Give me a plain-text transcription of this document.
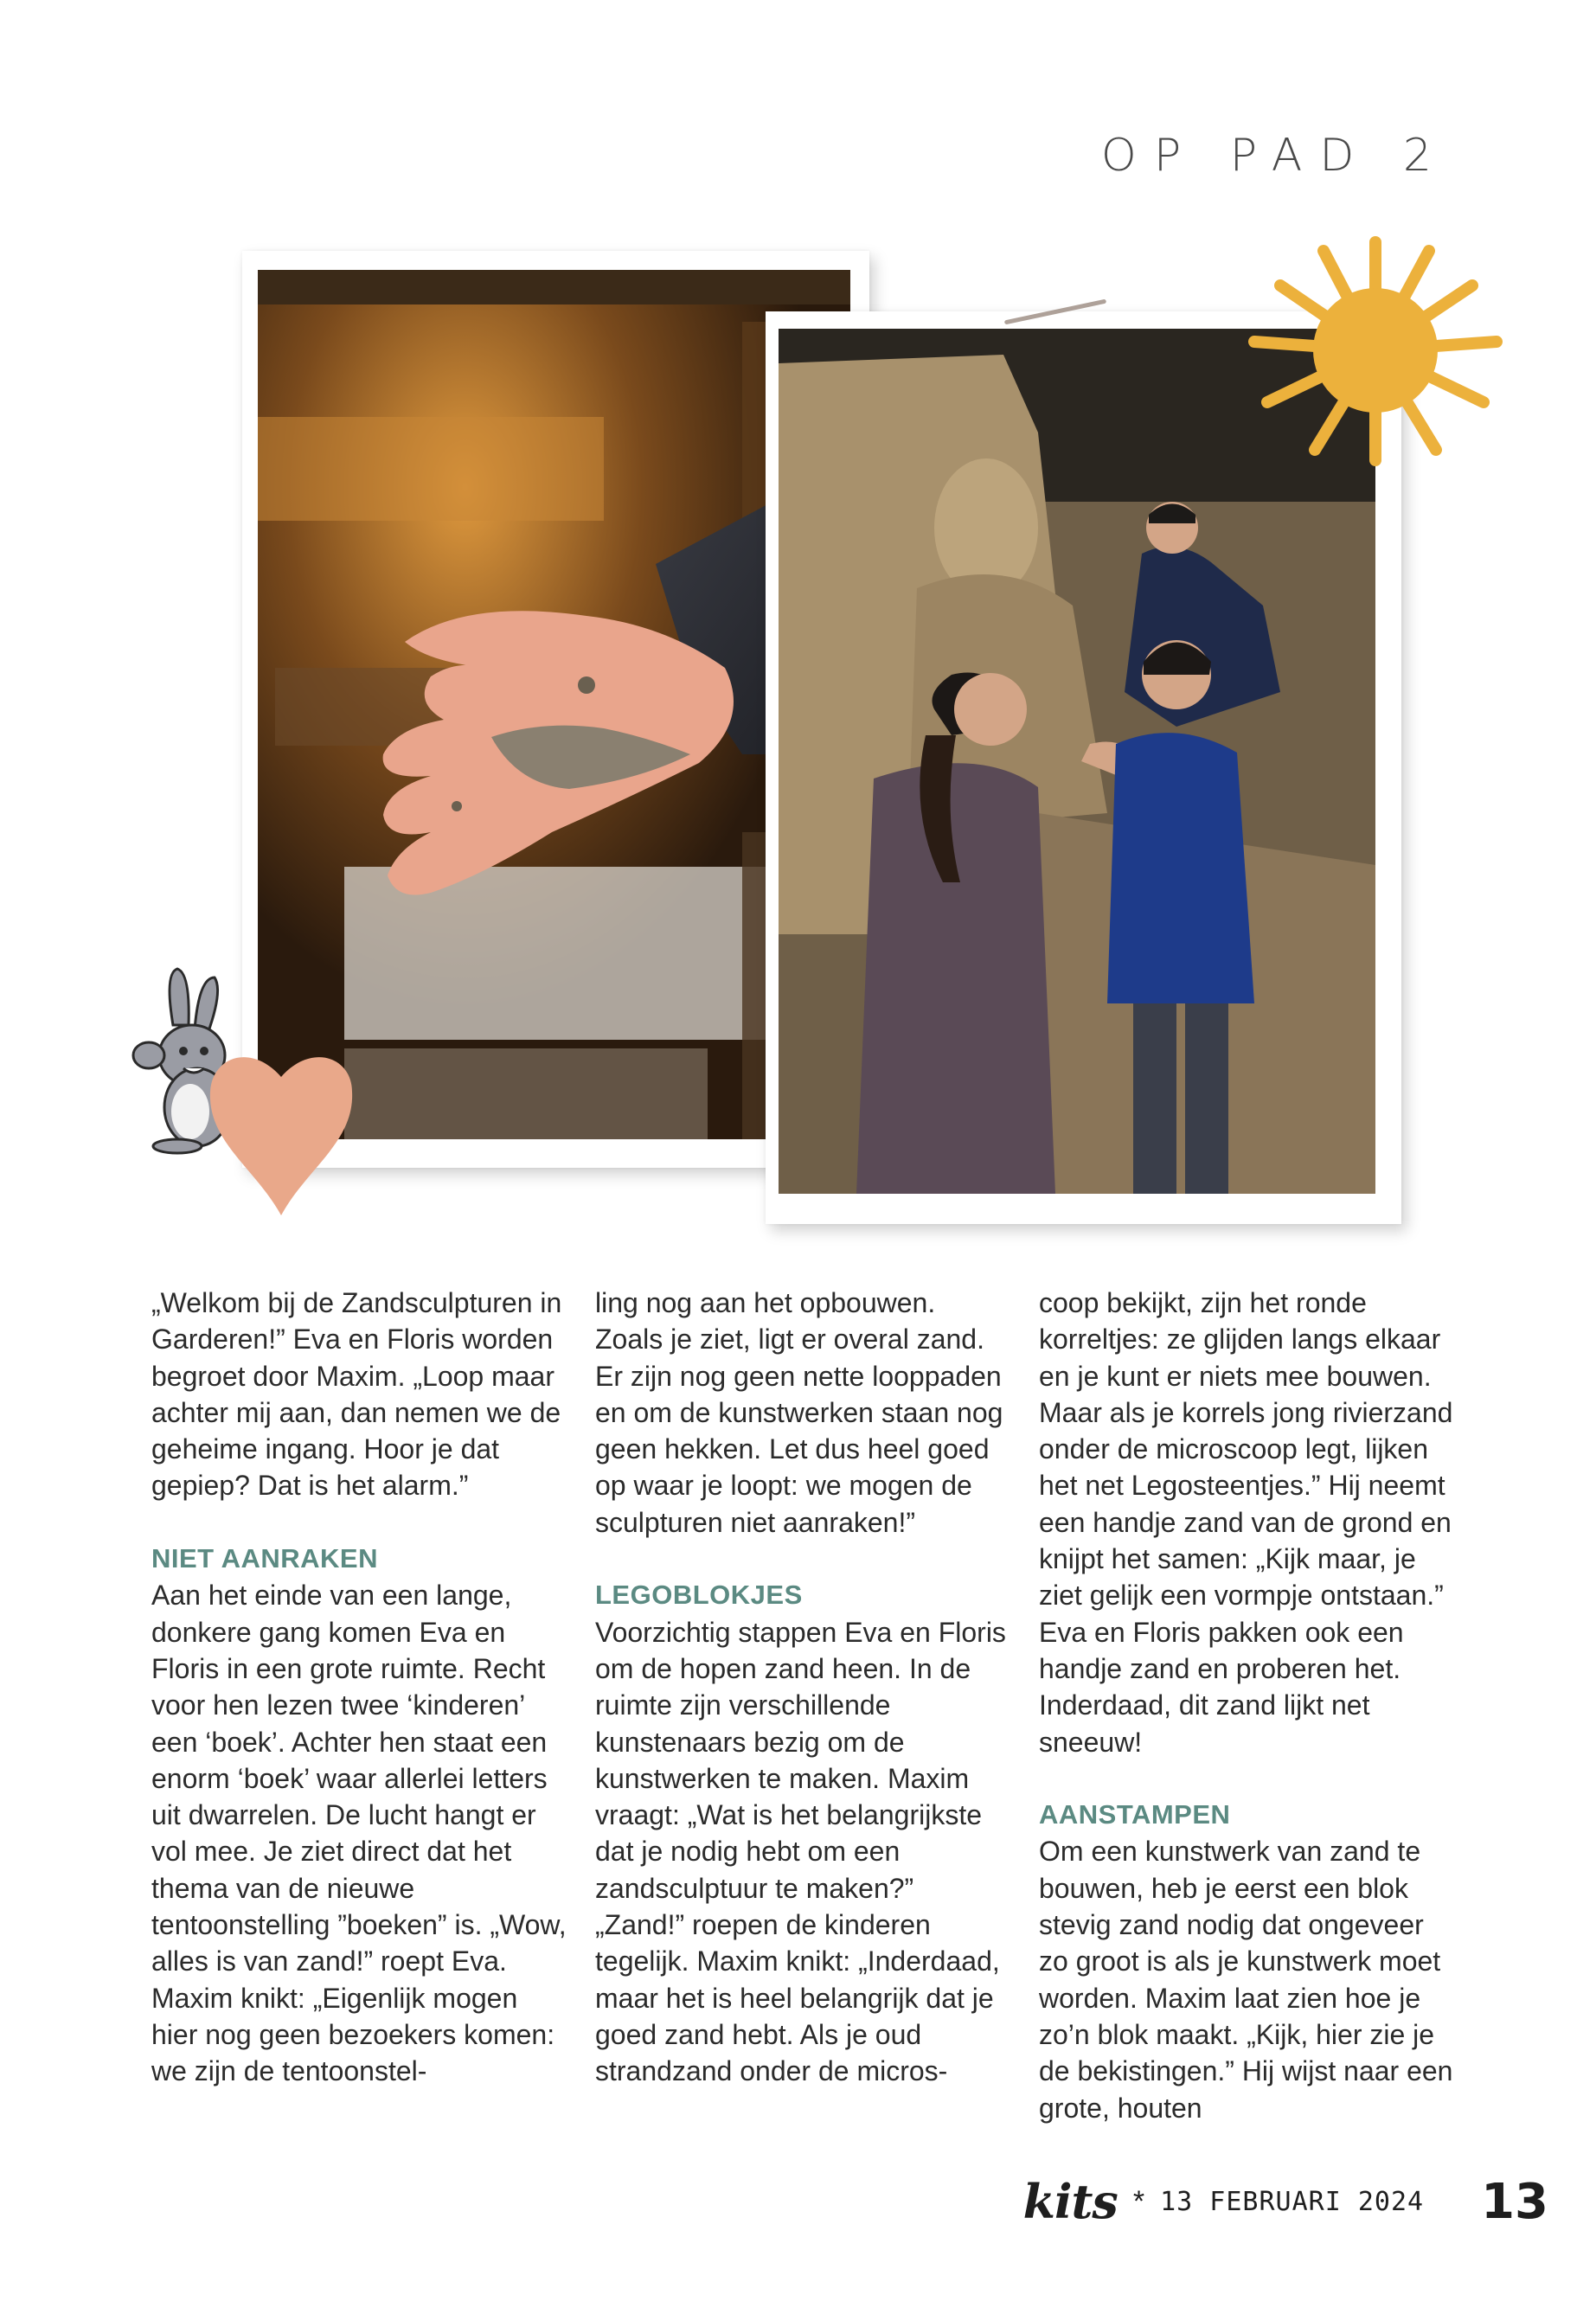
OP PAD 2

„Welkom bij de Zandsculpturen in Garderen!” Eva en Floris worden begroet door Maxim. „Loop maar achter mij aan, dan nemen we de geheime ingang. Hoor je dat gepiep? Dat is het alarm.”

NIET AANRAKEN

Aan het einde van een lange, donkere gang komen Eva en Floris in een grote ruimte. Recht voor hen lezen twee ‘kinderen’ een ‘boek’. Achter hen staat een enorm ‘boek’ waar allerlei letters uit dwarrelen. De lucht hangt er vol mee. Je ziet direct dat het thema van de nieuwe tentoonstelling ”boeken” is. „Wow, alles is van zand!” roept Eva. Maxim knikt: „Eigenlijk mogen hier nog geen bezoekers komen: we zijn de tentoonstel-

ling nog aan het opbouwen. Zoals je ziet, ligt er overal zand. Er zijn nog geen nette looppaden en om de kunstwerken staan nog geen hekken. Let dus heel goed op waar je loopt: we mogen de sculpturen niet aanraken!”

LEGOBLOKJES

Voorzichtig stappen Eva en Floris om de hopen zand heen. In de ruimte zijn verschillende kunstenaars bezig om de kunstwerken te maken. Maxim vraagt: „Wat is het belangrijkste dat je nodig hebt om een zandsculptuur te maken?” „Zand!” roepen de kinderen tegelijk. Maxim knikt: „Inderdaad, maar het is heel belangrijk dat je goed zand hebt. Als je oud strandzand onder de micros-

coop bekijkt, zijn het ronde korreltjes: ze glijden langs elkaar en je kunt er niets mee bouwen. Maar als je korrels jong rivierzand onder de microscoop legt, lijken het net Legosteentjes.” Hij neemt een handje zand van de grond en knijpt het samen: „Kijk maar, je ziet gelijk een vormpje ontstaan.” Eva en Floris pakken ook een handje zand en proberen het. Inderdaad, dit zand lijkt net sneeuw!

AANSTAMPEN

Om een kunstwerk van zand te bouwen, heb je eerst een blok stevig zand nodig dat ongeveer zo groot is als je kunstwerk moet worden. Maxim laat zien hoe je zo’n blok maakt. „Kijk, hier zie je de bekistingen.” Hij wijst naar een grote, houten

kits * 13 FEBRUARI 2024 13
